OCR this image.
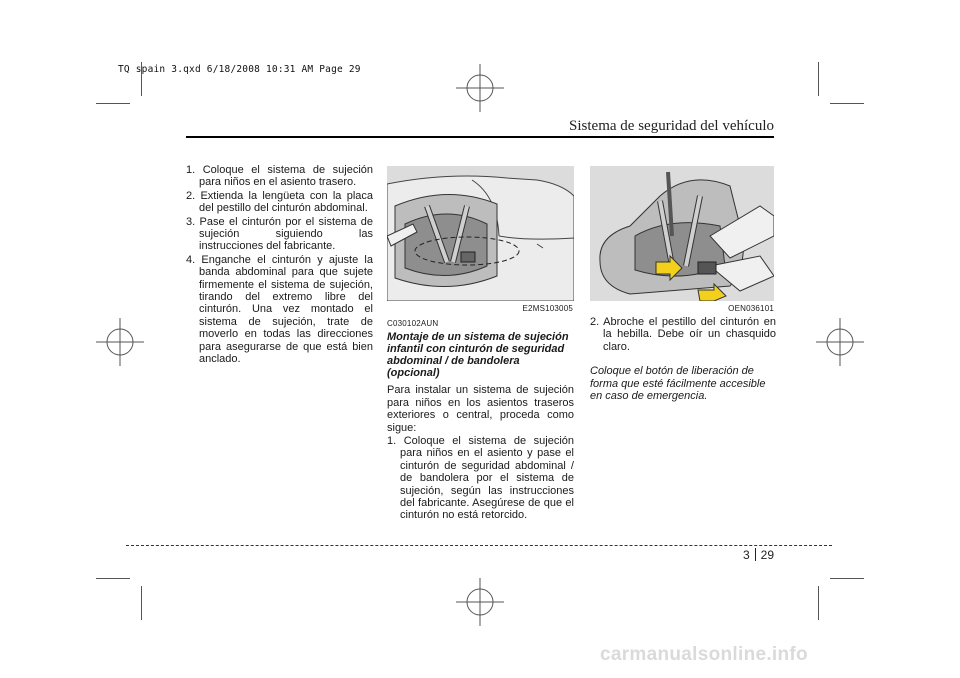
TQ spain 3.qxd 6/18/2008 10:31 AM Page 29
Sistema de seguridad del vehículo
1. Coloque el sistema de sujeción para niños en el asiento trasero.
2. Extienda la lengüeta con la placa del pestillo del cinturón abdominal.
3. Pase el cinturón por el sistema de sujeción siguiendo las instrucciones del fabricante.
4. Enganche el cinturón y ajuste la banda abdominal para que sujete firmemente el sistema de sujeción, tirando del extremo libre del cinturón. Una vez montado el sistema de sujeción, trate de moverlo en todas las direcciones para asegurarse de que está bien anclado.
E2MS103005	OEN036101
C030102AUN
Montaje de un sistema de sujeción infantil con cinturón de seguridad abdominal / de bandolera (opcional)
Para instalar un sistema de sujeción para niños en los asientos traseros exteriores o central, proceda como sigue:
1. Coloque el sistema de sujeción para niños en el asiento y pase el cinturón de seguridad abdominal / de bandolera por el sistema de sujeción, según las instrucciones del fabricante. Asegúrese de que el cinturón no está retorcido.
2. Abroche el pestillo del cinturón en la hebilla. Debe oír un chasquido claro.
Coloque el botón de liberación de forma que esté fácilmente accesible en caso de emergencia.
3 29
carmanualsonline.info
